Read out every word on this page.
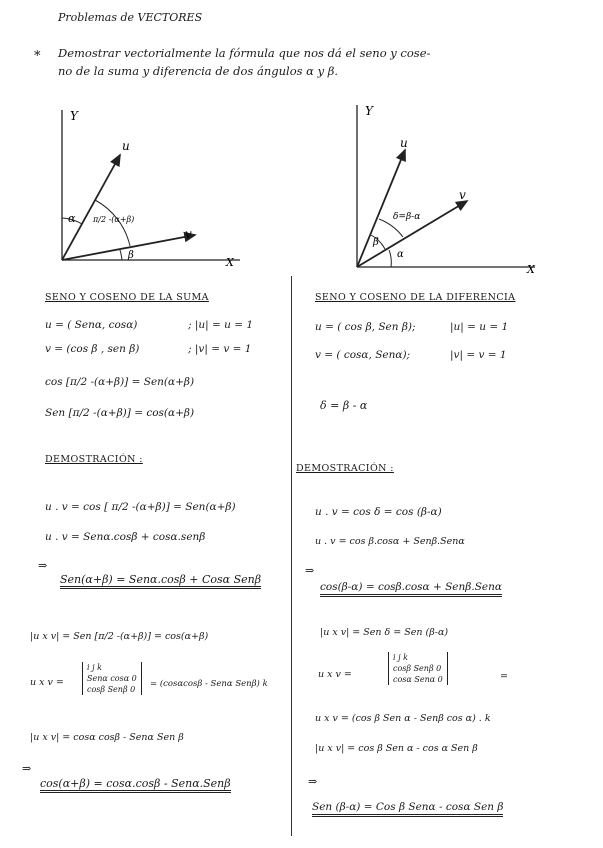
Problemas de VECTORES
* Demostrar vectorialmente la fórmula que nos dá el seno y cose-
no de la suma y diferencia de dos ángulos α y β.
Y
X
u
v
α
β
π/2 -(α+β)
Y
X
u
v
β
α
δ=β-α
SENO Y COSENO DE LA SUMA
u = ( Senα, cosα)	; |u| = u = 1
v = (cos β , sen β)	; |v| = v = 1
cos [π/2 -(α+β)] = Sen(α+β)
Sen [π/2 -(α+β)] = cos(α+β)
DEMOSTRACIÓN :
u . v = cos [ π/2 -(α+β)] = Sen(α+β)
u . v = Senα.cosβ + cosα.senβ
⇒
Sen(α+β) = Senα.cosβ + Cosα Senβ
|u x v| = Sen [π/2 -(α+β)] = cos(α+β)
u x v =
i j k
Senα cosα 0
cosβ Senβ 0
= (cosαcosβ - Senα Senβ) k
|u x v| = cosα cosβ - Senα Sen β
⇒
cos(α+β) = cosα.cosβ - Senα.Senβ
SENO Y COSENO DE LA DIFERENCIA
u = ( cos β, Sen β);	|u| = u = 1
v = ( cosα, Senα);	|v| = v = 1
δ = β - α
DEMOSTRACIÓN :
u . v = cos δ = cos (β-α)
u . v = cos β.cosα + Senβ.Senα
⇒
cos(β-α) = cosβ.cosα + Senβ.Senα
|u x v| = Sen δ = Sen (β-α)
u x v =
i j k
cosβ Senβ 0
cosα Senα 0	=
u x v = (cos β Sen α - Senβ cos α) . k
|u x v| = cos β Sen α - cos α Sen β
⇒
Sen (β-α) = Cos β Senα - cosα Sen β
